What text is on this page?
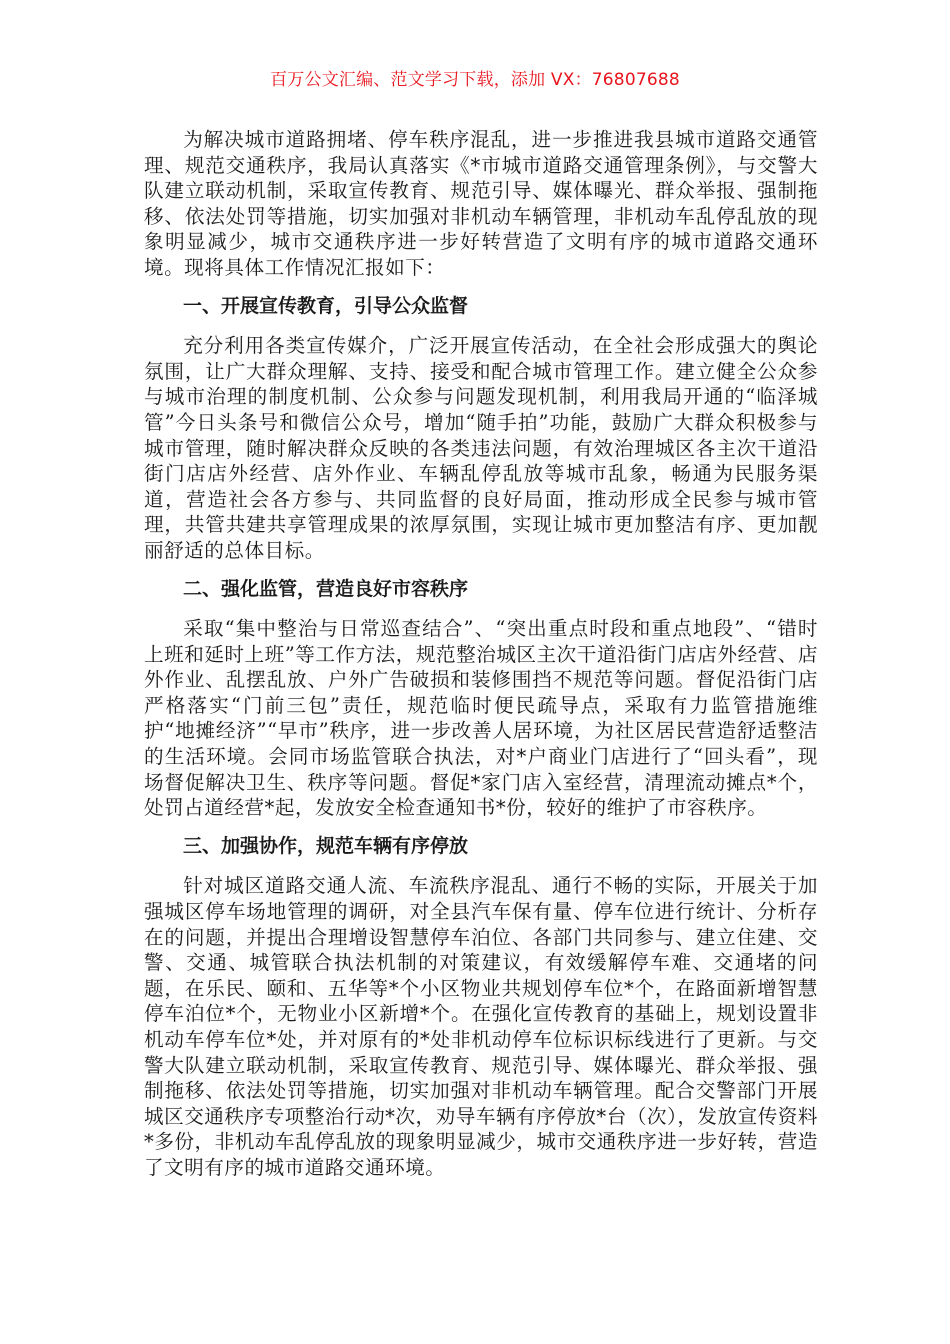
百万公文汇编、范文学习下载，添加 VX：76807688

为解决城市道路拥堵、停车秩序混乱，进一步推进我县城市道路交通管理、规范交通秩序，我局认真落实《*市城市道路交通管理条例》，与交警大队建立联动机制，采取宣传教育、规范引导、媒体曝光、群众举报、强制拖移、依法处罚等措施，切实加强对非机动车辆管理，非机动车乱停乱放的现象明显减少，城市交通秩序进一步好转营造了文明有序的城市道路交通环境。现将具体工作情况汇报如下：

一、开展宣传教育，引导公众监督

充分利用各类宣传媒介，广泛开展宣传活动，在全社会形成强大的舆论氛围，让广大群众理解、支持、接受和配合城市管理工作。建立健全公众参与城市治理的制度机制、公众参与问题发现机制，利用我局开通的“临泽城管”今日头条号和微信公众号，增加“随手拍”功能，鼓励广大群众积极参与城市管理，随时解决群众反映的各类违法问题，有效治理城区各主次干道沿街门店店外经营、店外作业、车辆乱停乱放等城市乱象，畅通为民服务渠道，营造社会各方参与、共同监督的良好局面，推动形成全民参与城市管理，共管共建共享管理成果的浓厚氛围，实现让城市更加整洁有序、更加靓丽舒适的总体目标。

二、强化监管，营造良好市容秩序

采取“集中整治与日常巡查结合”、“突出重点时段和重点地段”、“错时上班和延时上班”等工作方法，规范整治城区主次干道沿街门店店外经营、店外作业、乱摆乱放、户外广告破损和装修围挡不规范等问题。督促沿街门店严格落实“门前三包”责任，规范临时便民疏导点，采取有力监管措施维护“地摊经济”“早市”秩序，进一步改善人居环境，为社区居民营造舒适整洁的生活环境。会同市场监管联合执法，对*户商业门店进行了“回头看”，现场督促解决卫生、秩序等问题。督促*家门店入室经营，清理流动摊点*个，处罚占道经营*起，发放安全检查通知书*份，较好的维护了市容秩序。

三、加强协作，规范车辆有序停放

针对城区道路交通人流、车流秩序混乱、通行不畅的实际，开展关于加强城区停车场地管理的调研，对全县汽车保有量、停车位进行统计、分析存在的问题，并提出合理增设智慧停车泊位、各部门共同参与、建立住建、交警、交通、城管联合执法机制的对策建议，有效缓解停车难、交通堵的问题，在乐民、颐和、五华等*个小区物业共规划停车位*个，在路面新增智慧停车泊位*个，无物业小区新增*个。在强化宣传教育的基础上，规划设置非机动车停车位*处，并对原有的*处非机动停车位标识标线进行了更新。与交警大队建立联动机制，采取宣传教育、规范引导、媒体曝光、群众举报、强制拖移、依法处罚等措施，切实加强对非机动车辆管理。配合交警部门开展城区交通秩序专项整治行动*次，劝导车辆有序停放*台（次），发放宣传资料*多份，非机动车乱停乱放的现象明显减少，城市交通秩序进一步好转，营造了文明有序的城市道路交通环境。
